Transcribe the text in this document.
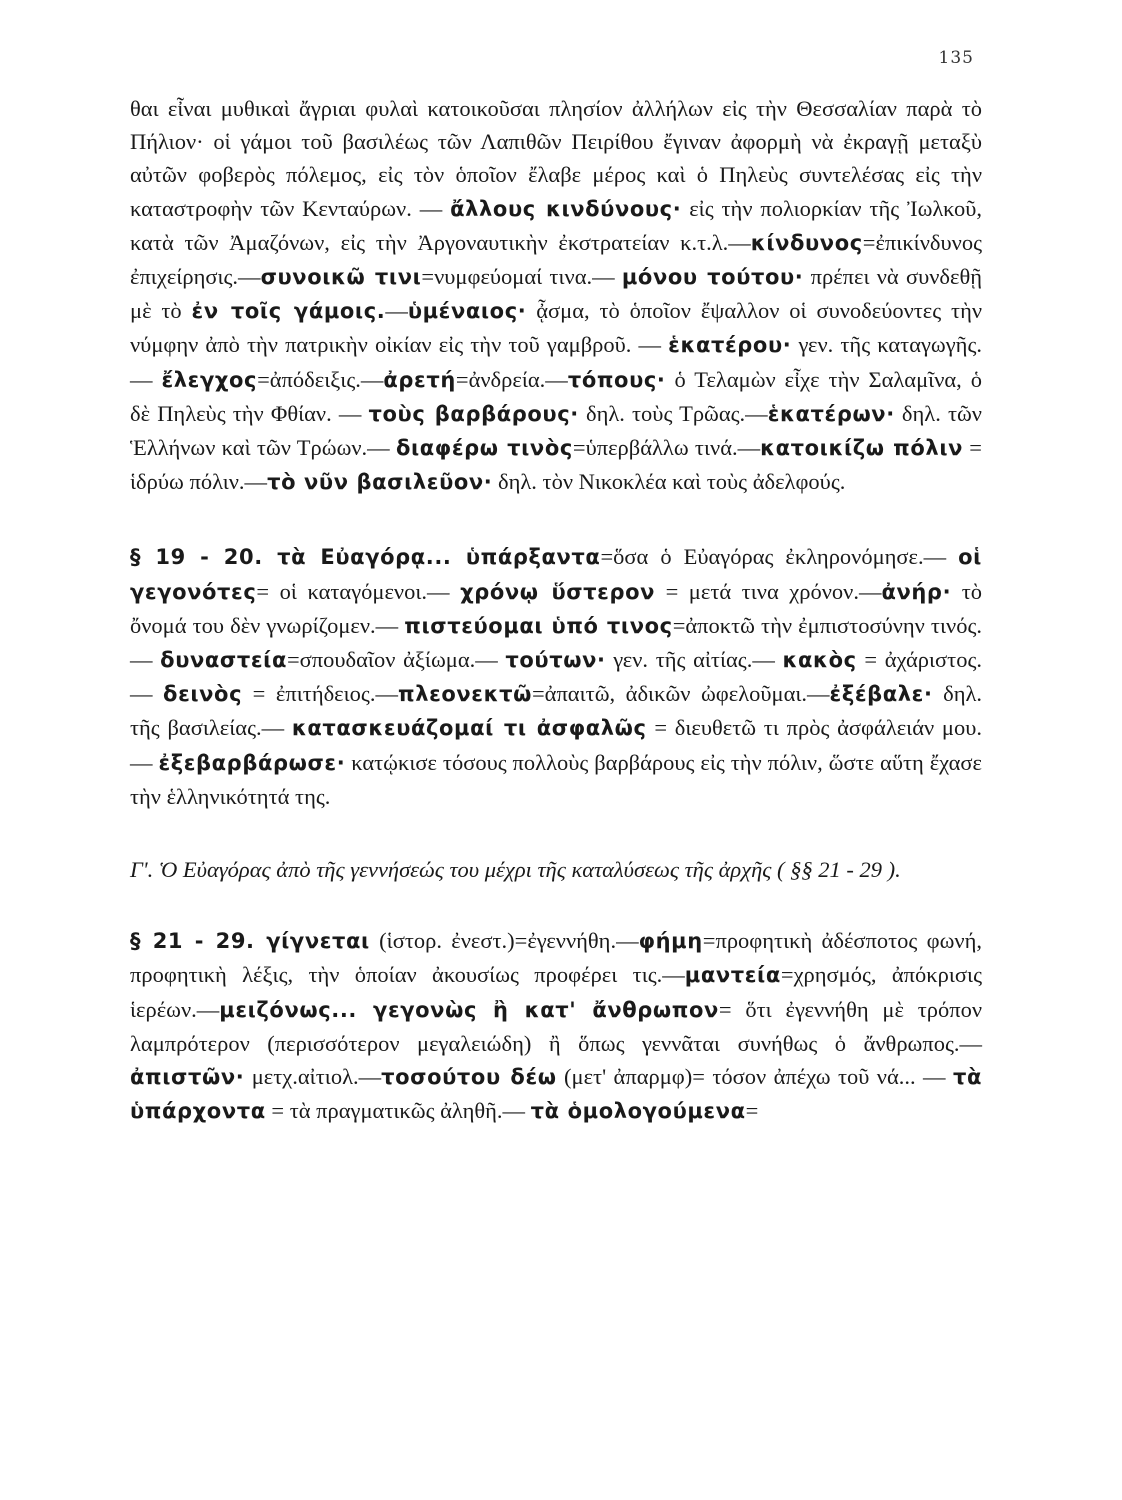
135

θαι εἶναι μυθικαὶ ἄγριαι φυλαὶ κατοικοῦσαι πλησίον ἀλλήλων εἰς τὴν Θεσσαλίαν παρὰ τὸ Πήλιον· οἱ γάμοι τοῦ βασιλέως τῶν Λαπιθῶν Πειρίθου ἔγιναν ἀφορμὴ νὰ ἐκραγῇ μεταξὺ αὐτῶν φοβερὸς πόλεμος, εἰς τὸν ὁποῖον ἔλαβε μέρος καὶ ὁ Πηλεὺς συντελέσας εἰς τὴν καταστροφὴν τῶν Κενταύρων. — ἄλλους κινδύνους· εἰς τὴν πολιορκίαν τῆς Ἰωλκοῦ, κατὰ τῶν Ἀμαζόνων, εἰς τὴν Ἀργοναυτικὴν ἐκστρατείαν κ.τ.λ.—κίνδυνος=ἐπικίνδυνος ἐπιχείρησις.—συνοικῶ τινι=νυμφεύομαί τινα.— μόνου τούτου· πρέπει νὰ συνδεθῇ μὲ τὸ ἐν τοῖς γάμοις.—ὑμέναιος· ᾆσμα, τὸ ὁποῖον ἔψαλλον οἱ συνοδεύοντες τὴν νύμφην ἀπὸ τὴν πατρικὴν οἰκίαν εἰς τὴν τοῦ γαμβροῦ. — ἑκατέρου· γεν. τῆς καταγωγῆς. — ἔλεγχος=ἀπόδειξις.—ἀρετή=ἀνδρεία.—τόπους· ὁ Τελαμὼν εἶχε τὴν Σαλαμῖνα, ὁ δὲ Πηλεὺς τὴν Φθίαν. — τοὺς βαρβάρους· δηλ. τοὺς Τρῶας.—ἑκατέρων· δηλ. τῶν Ἑλλήνων καὶ τῶν Τρώων.— διαφέρω τινὸς=ὑπερβάλλω τινά.—κατοικίζω πόλιν = ἱδρύω πόλιν.—τὸ νῦν βασιλεῦον· δηλ. τὸν Νικοκλέα καὶ τοὺς ἀδελφούς.

§ 19 - 20. τὰ Εὐαγόρᾳ... ὑπάρξαντα=ὅσα ὁ Εὐαγόρας ἐκληρονόμησε.— οἱ γεγονότες= οἱ καταγόμενοι.— χρόνῳ ὕστερον = μετά τινα χρόνον.—ἀνήρ· τὸ ὄνομά του δὲν γνωρίζομεν.— πιστεύομαι ὑπό τινος=ἀποκτῶ τὴν ἐμπιστοσύνην τινός.— δυναστεία=σπουδαῖον ἀξίωμα.— τούτων· γεν. τῆς αἰτίας.— κακὸς = ἀχάριστος.— δεινὸς = ἐπιτήδειος.—πλεονεκτῶ=ἀπαιτῶ, ἀδικῶν ὠφελοῦμαι.—ἐξέβαλε· δηλ. τῆς βασιλείας.— κατασκευάζομαί τι ἀσφαλῶς = διευθετῶ τι πρὸς ἀσφάλειάν μου.— ἐξεβαρβάρωσε· κατῴκισε τόσους πολλοὺς βαρβάρους εἰς τὴν πόλιν, ὥστε αὕτη ἔχασε τὴν ἑλληνικότητά της.

Γ'. Ὁ Εὐαγόρας ἀπὸ τῆς γεννήσεώς του μέχρι τῆς καταλύσεως τῆς ἀρχῆς ( §§ 21 - 29 ).

§ 21 - 29. γίγνεται (ἱστορ. ἐνεστ.)=ἐγεννήθη.—φήμη=προφητικὴ ἀδέσποτος φωνή, προφητικὴ λέξις, τὴν ὁποίαν ἀκουσίως προφέρει τις.—μαντεία=χρησμός, ἀπόκρισις ἱερέων.—μειζόνως... γεγονὼς ἢ κατ' ἄνθρωπον= ὅτι ἐγεννήθη μὲ τρόπον λαμπρότερον (περισσότερον μεγαλειώδη) ἢ ὅπως γεννᾶται συνήθως ὁ ἄνθρωπος.—ἀπιστῶν· μετχ.αἰτιολ.—τοσούτου δέω (μετ' ἀπαρμφ)= τόσον ἀπέχω τοῦ νά... — τὰ ὑπάρχοντα = τὰ πραγματικῶς ἀληθῆ.— τὰ ὁμολογούμενα=
